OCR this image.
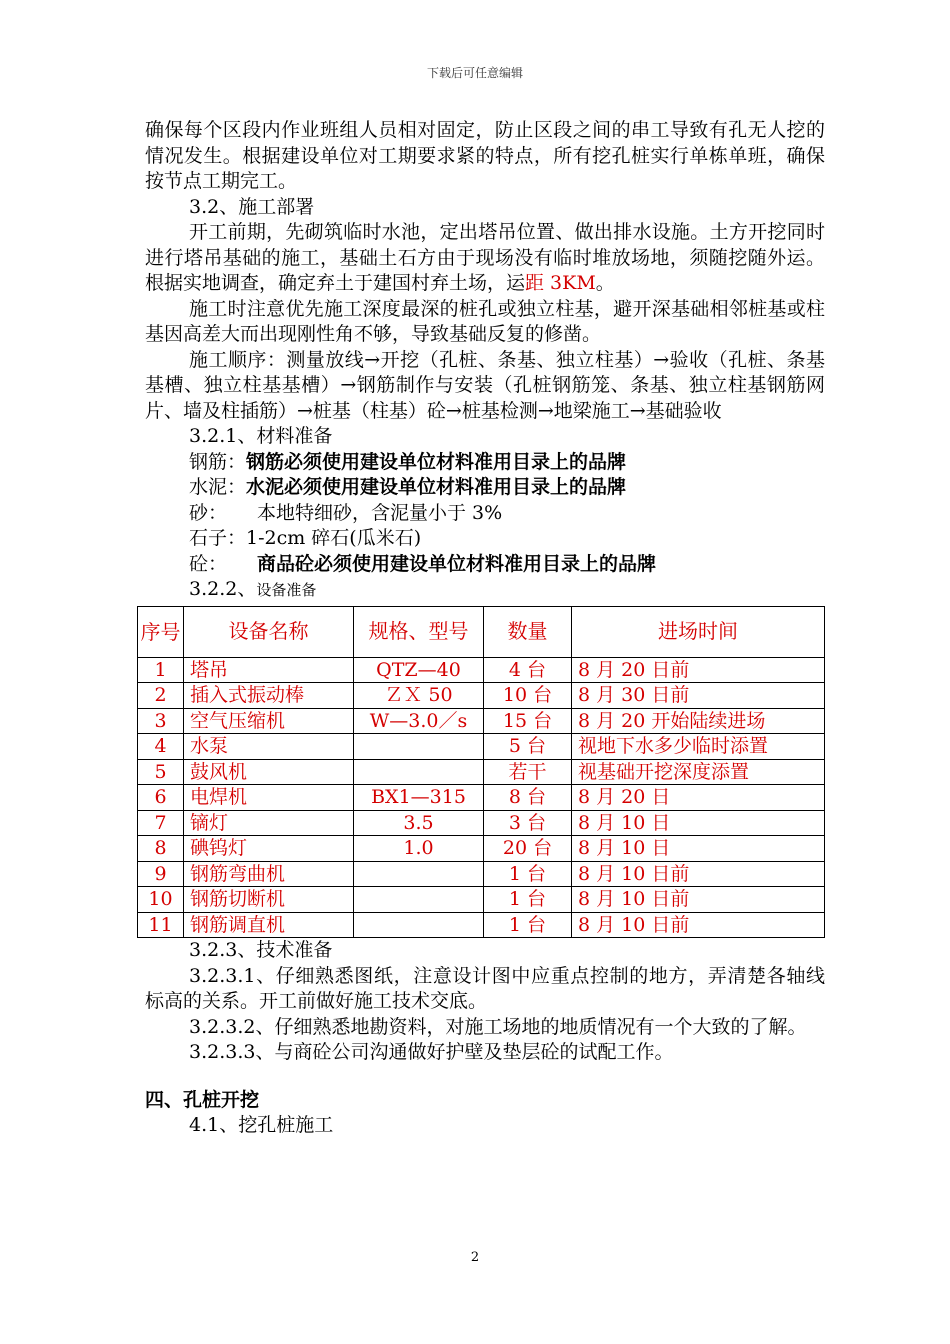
下载后可任意编辑

确保每个区段内作业班组人员相对固定，防止区段之间的串工导致有孔无人挖的情况发生。根据建设单位对工期要求紧的特点，所有挖孔桩实行单栋单班，确保按节点工期完工。

3.2、施工部署

开工前期，先砌筑临时水池，定出塔吊位置、做出排水设施。土方开挖同时进行塔吊基础的施工，基础土石方由于现场没有临时堆放场地，须随挖随外运。根据实地调查，确定弃土于建国村弃土场，运距 3KM。

施工时注意优先施工深度最深的桩孔或独立柱基，避开深基础相邻桩基或柱基因高差大而出现刚性角不够，导致基础反复的修凿。

施工顺序：测量放线→开挖（孔桩、条基、独立柱基）→验收（孔桩、条基基槽、独立柱基基槽）→钢筋制作与安装（孔桩钢筋笼、条基、独立柱基钢筋网片、墙及柱插筋）→桩基（柱基）砼→桩基检测→地梁施工→基础验收

3.2.1、材料准备

钢筋：钢筋必须使用建设单位材料准用目录上的品牌

水泥：水泥必须使用建设单位材料准用目录上的品牌

砂： 本地特细砂，含泥量小于 3%

石子：1-2cm 碎石(瓜米石)

砼： 商品砼必须使用建设单位材料准用目录上的品牌

3.2.2、设备准备

序号	设备名称	规格、型号	数量	进场时间
1	塔吊	QTZ—40	4 台	8 月 20 日前
2	插入式振动棒	ＺＸ 50	10 台	8 月 30 日前
3	空气压缩机	W—3.0／s	15 台	8 月 20 开始陆续进场
4	水泵		5 台	视地下水多少临时添置
5	鼓风机		若干	视基础开挖深度添置
6	电焊机	BX1—315	8 台	8 月 20 日
7	镝灯	3.5	3 台	8 月 10 日
8	碘钨灯	1.0	20 台	8 月 10 日
9	钢筋弯曲机		1 台	8 月 10 日前
10	钢筋切断机		1 台	8 月 10 日前
11	钢筋调直机		1 台	8 月 10 日前

3.2.3、技术准备

3.2.3.1、仔细熟悉图纸，注意设计图中应重点控制的地方，弄清楚各轴线标高的关系。开工前做好施工技术交底。

3.2.3.2、仔细熟悉地勘资料，对施工场地的地质情况有一个大致的了解。

3.2.3.3、与商砼公司沟通做好护壁及垫层砼的试配工作。

四、孔桩开挖

4.1、挖孔桩施工

2
